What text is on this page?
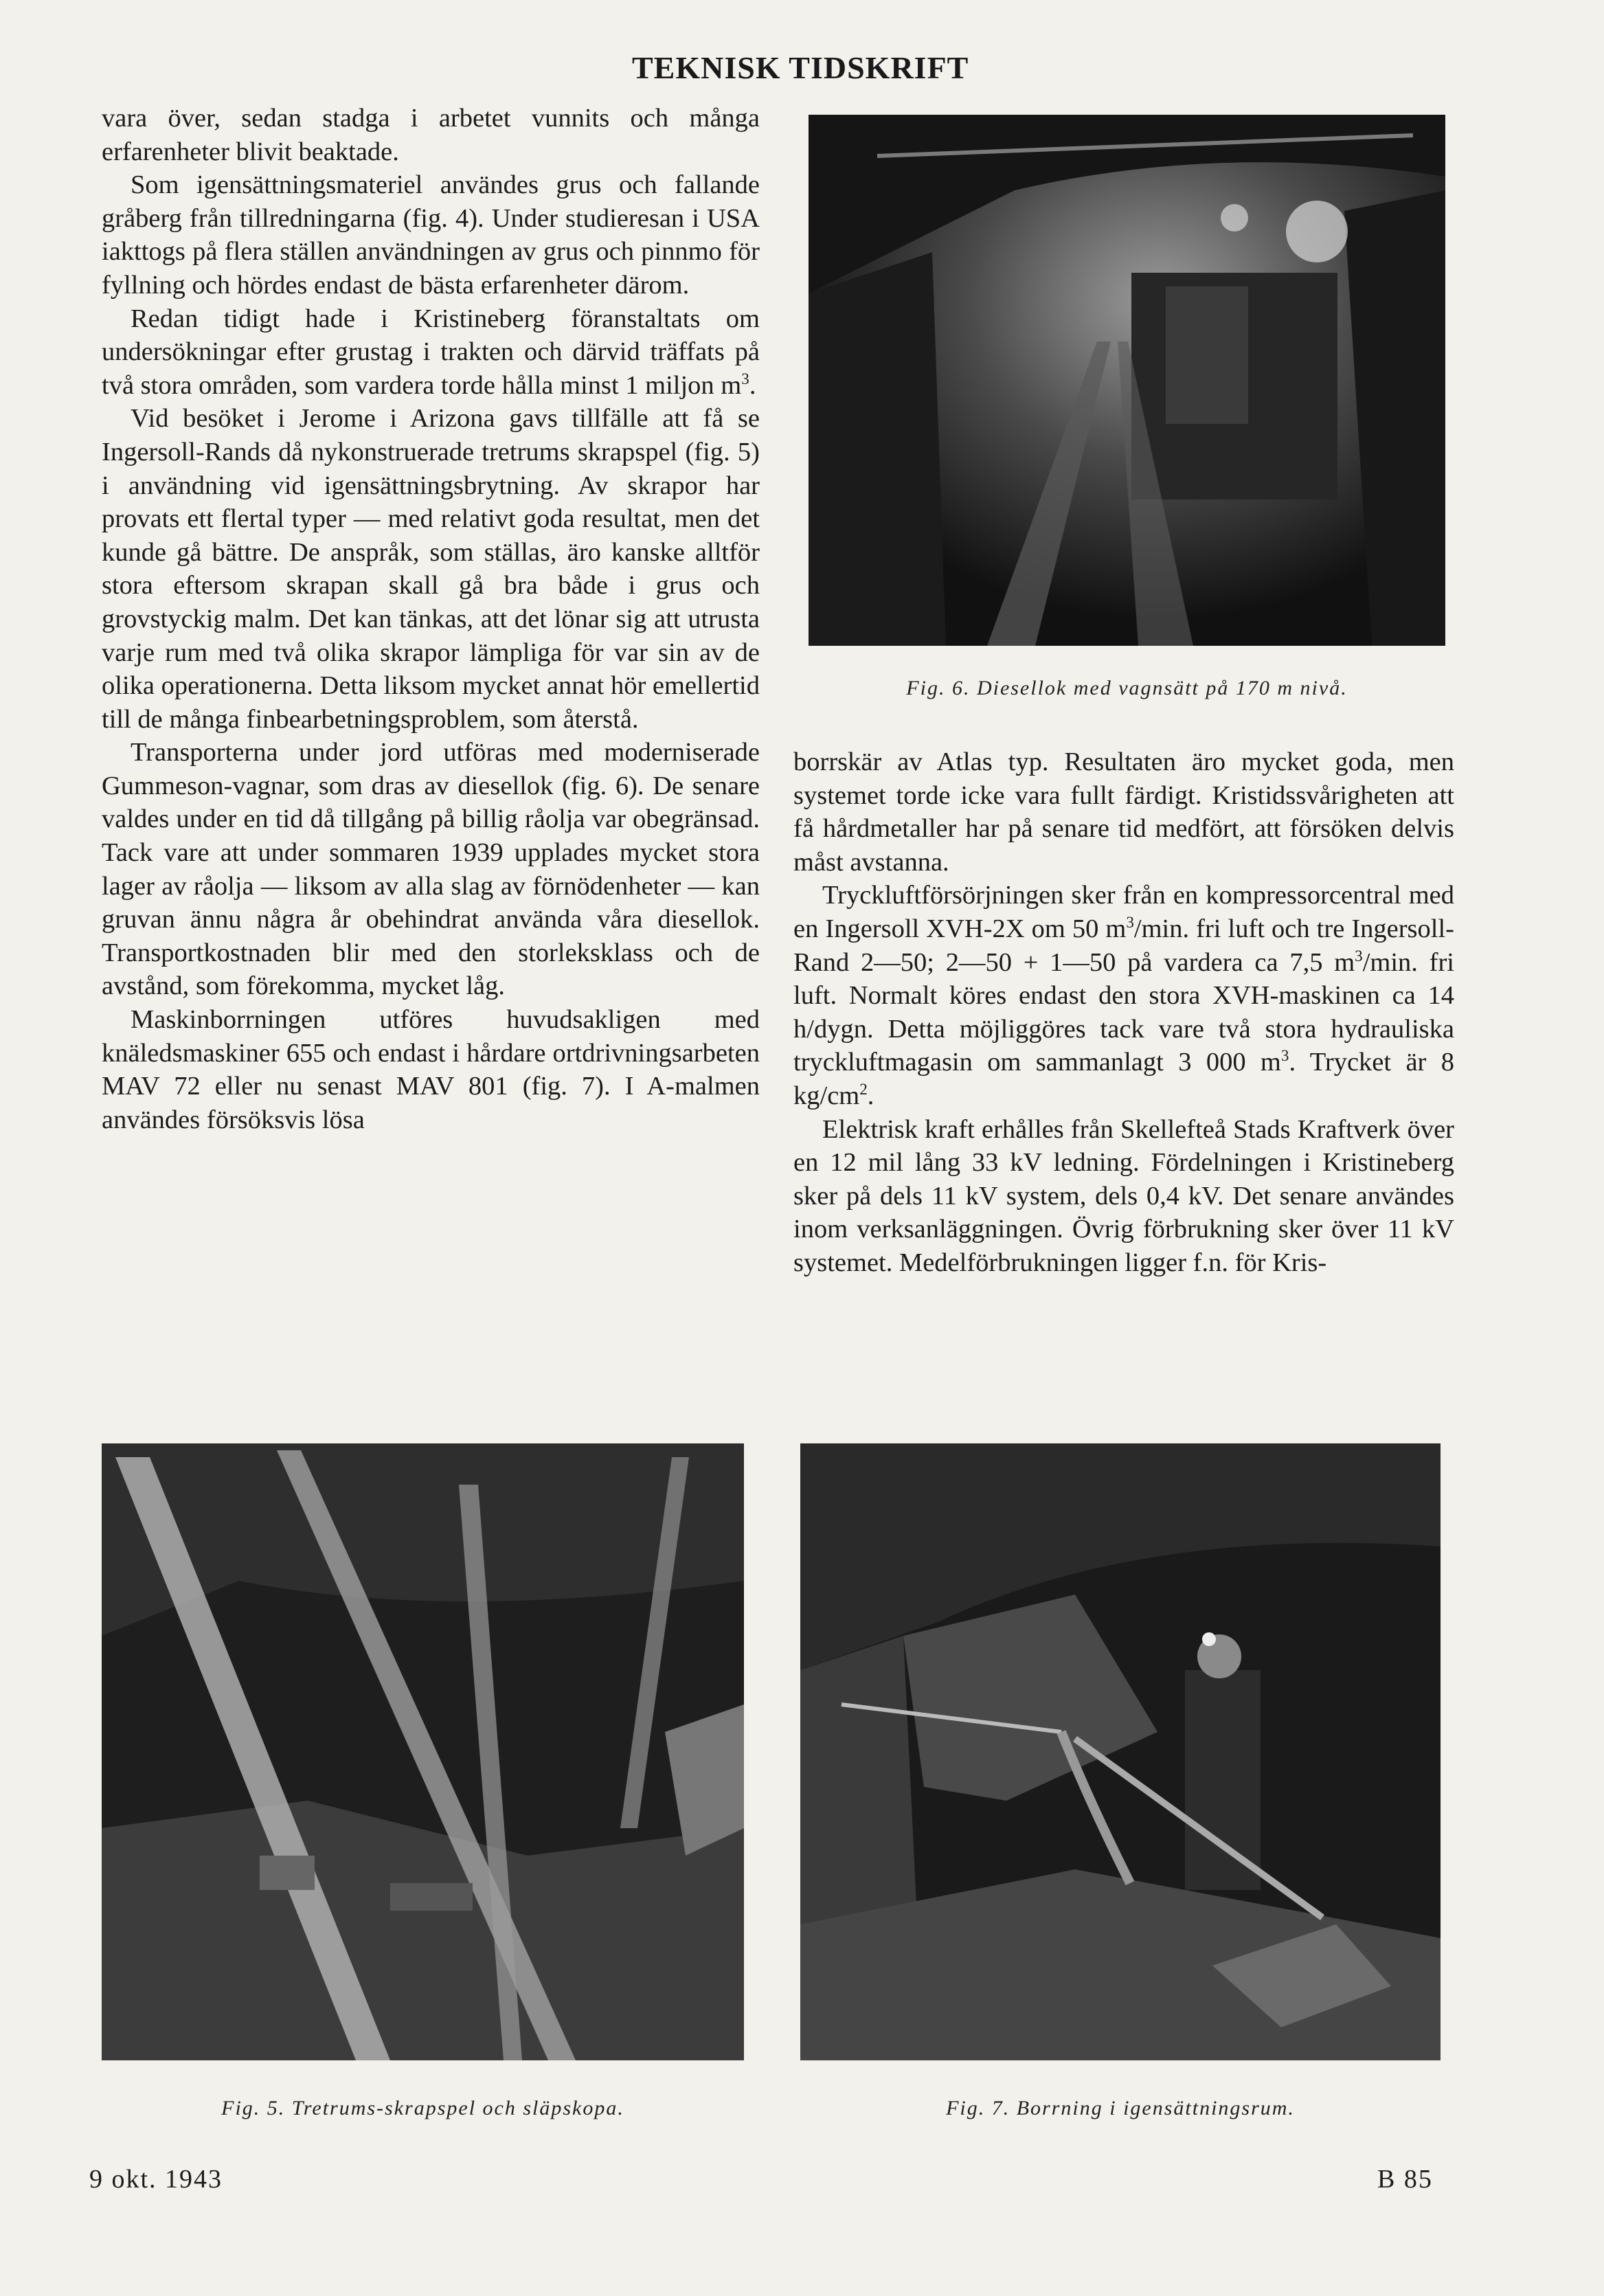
TEKNISK TIDSKRIFT

vara över, sedan stadga i arbetet vunnits och många erfarenheter blivit beaktade.

Som igensättningsmateriel användes grus och fallande gråberg från tillredningarna (fig. 4). Under studieresan i USA iakttogs på flera ställen användningen av grus och pinnmo för fyllning och hördes endast de bästa erfarenheter därom.

Redan tidigt hade i Kristineberg föranstaltats om undersökningar efter grustag i trakten och därvid träffats på två stora områden, som vardera torde hålla minst 1 miljon $m^3$.

Vid besöket i Jerome i Arizona gavs tillfälle att få se Ingersoll-Rands då nykonstruerade tretrums skrapspel (fig. 5) i användning vid igensättningsbrytning. Av skrapor har provats ett flertal typer — med relativt goda resultat, men det kunde gå bättre. De anspråk, som ställas, äro kanske alltför stora eftersom skrapan skall gå bra både i grus och grovstyckig malm. Det kan tänkas, att det lönar sig att utrusta varje rum med två olika skrapor lämpliga för var sin av de olika operationerna. Detta liksom mycket annat hör emellertid till de många finbearbetningsproblem, som återstå.

Transporterna under jord utföras med moderniserade Gummeson-vagnar, som dras av diesellok (fig. 6). De senare valdes under en tid då tillgång på billig råolja var obegränsad. Tack vare att under sommaren 1939 upplades mycket stora lager av råolja — liksom av alla slag av förnödenheter — kan gruvan ännu några år obehindrat använda våra diesellok. Transportkostnaden blir med den storleksklass och de avstånd, som förekomma, mycket låg.

Maskinborrningen utföres huvudsakligen med knäledsmaskiner 655 och endast i hårdare ortdrivningsarbeten MAV 72 eller nu senast MAV 801 (fig. 7). I A-malmen användes försöksvis lösa

borrskär av Atlas typ. Resultaten äro mycket goda, men systemet torde icke vara fullt färdigt. Kristidssvårigheten att få hårdmetaller har på senare tid medfört, att försöken delvis måst avstanna.

Tryckluftförsörjningen sker från en kompressorcentral med en Ingersoll XVH-2X om 50 $m^3/\min$. fri luft och tre Ingersoll-Rand 2—50; 2—50 + 1—50 på vardera ca 7,5 $m^3/\min$. fri luft. Normalt köres endast den stora XVH-maskinen ca 14 h/dygn. Detta möjliggöres tack vare två stora hydrauliska tryckluftmagasin om sammanlagt 3 000 $m^3$. Trycket är 8 $kg/cm^2$.

Elektrisk kraft erhålles från Skellefteå Stads Kraftverk över en 12 mil lång 33 kV ledning. Fördelningen i Kristineberg sker på dels 11 kV system, dels 0,4 kV. Det senare användes inom verksanläggningen. Övrig förbrukning sker över 11 kV systemet. Medelförbrukningen ligger f.n. för Kris-

Fig. 6. Diesellok med vagnsätt på 170 m nivå.
Fig. 5. Tretrums-skrapspel och släpskopa.	Fig. 7. Borrning i igensättningsrum.
9 okt. 1943	B 85
